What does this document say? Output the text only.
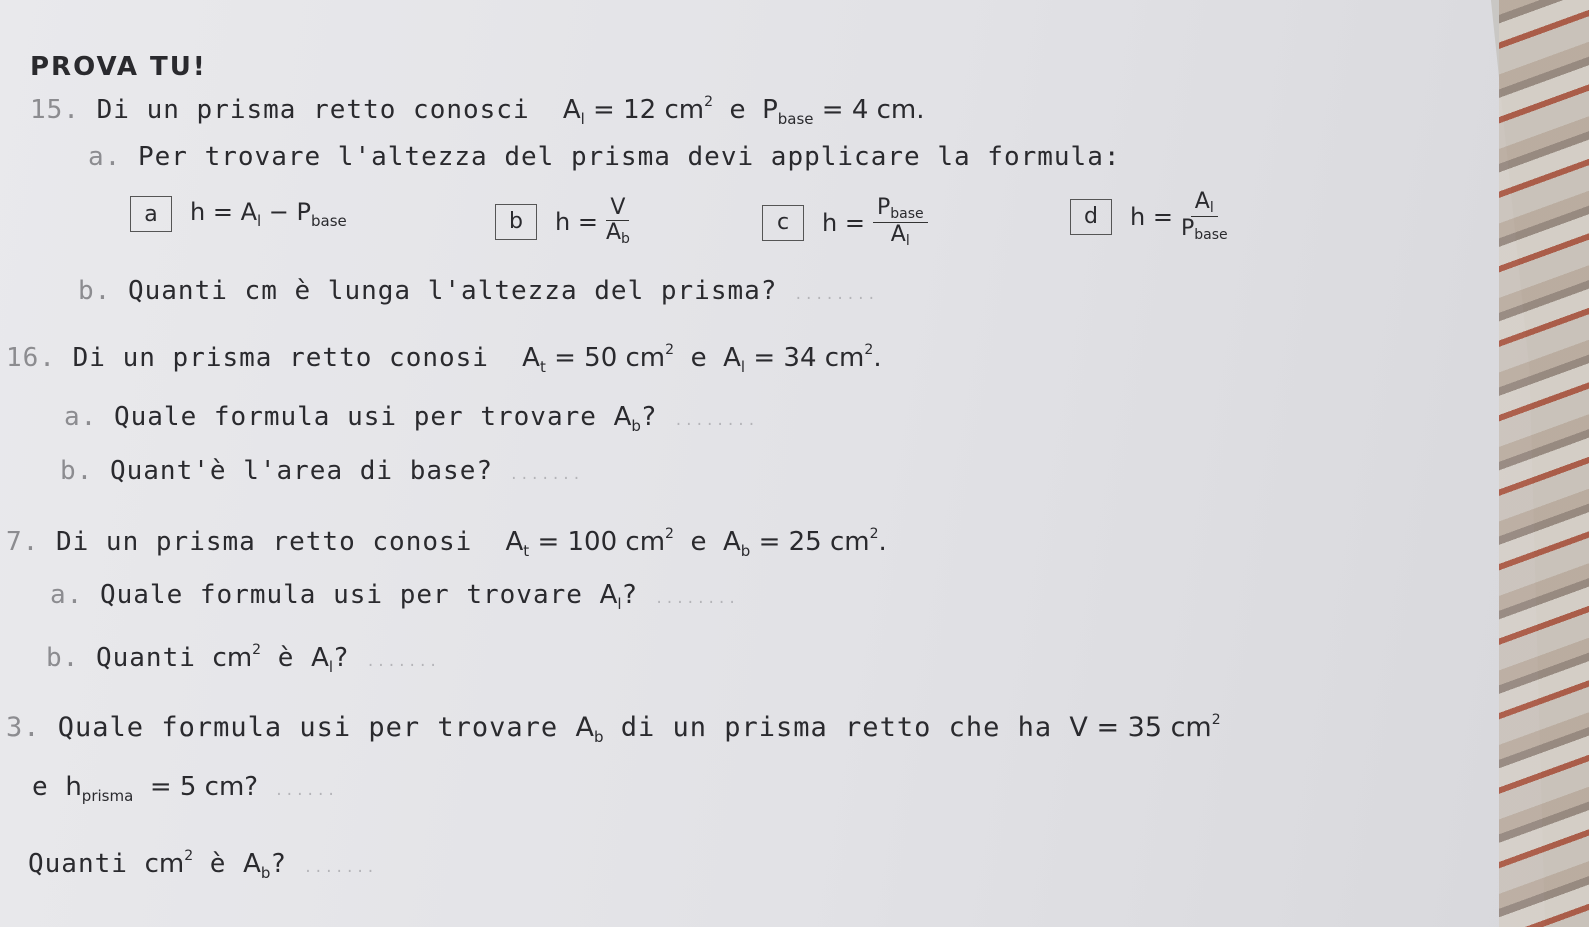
PROVA TU!
15. Di un prisma retto conosci $A_l = 12$ $cm^2$ e $P_{base} = 4$ cm.
a. Per trovare l'altezza del prisma devi applicare la formula:
a	$h = A_l - P_{base}$	b	$h = \frac{V}{A_b}$	c	$h = \frac{P_{base}}{A_l}$	d	$h = \frac{A_l}{P_{base}}$
b. Quanti cm è lunga l'altezza del prisma? ........
16. Di un prisma retto conosi $A_t = 50$ $cm^2$ e $A_l = 34$ $cm^2$.
a. Quale formula usi per trovare $A_b$? ........
b. Quant'è l'area di base? .......
7. Di un prisma retto conosi $A_t = 100$ $cm^2$ e $A_b = 25$ $cm^2$.
a. Quale formula usi per trovare $A_l$? ........
b. Quanti $cm^2$ è $A_l$? .......
3. Quale formula usi per trovare $A_b$ di un prisma retto che ha V = 35 $cm^2$
e $h_{prisma} = 5$ cm? ......
Quanti $cm^2$ è $A_b$? .......
